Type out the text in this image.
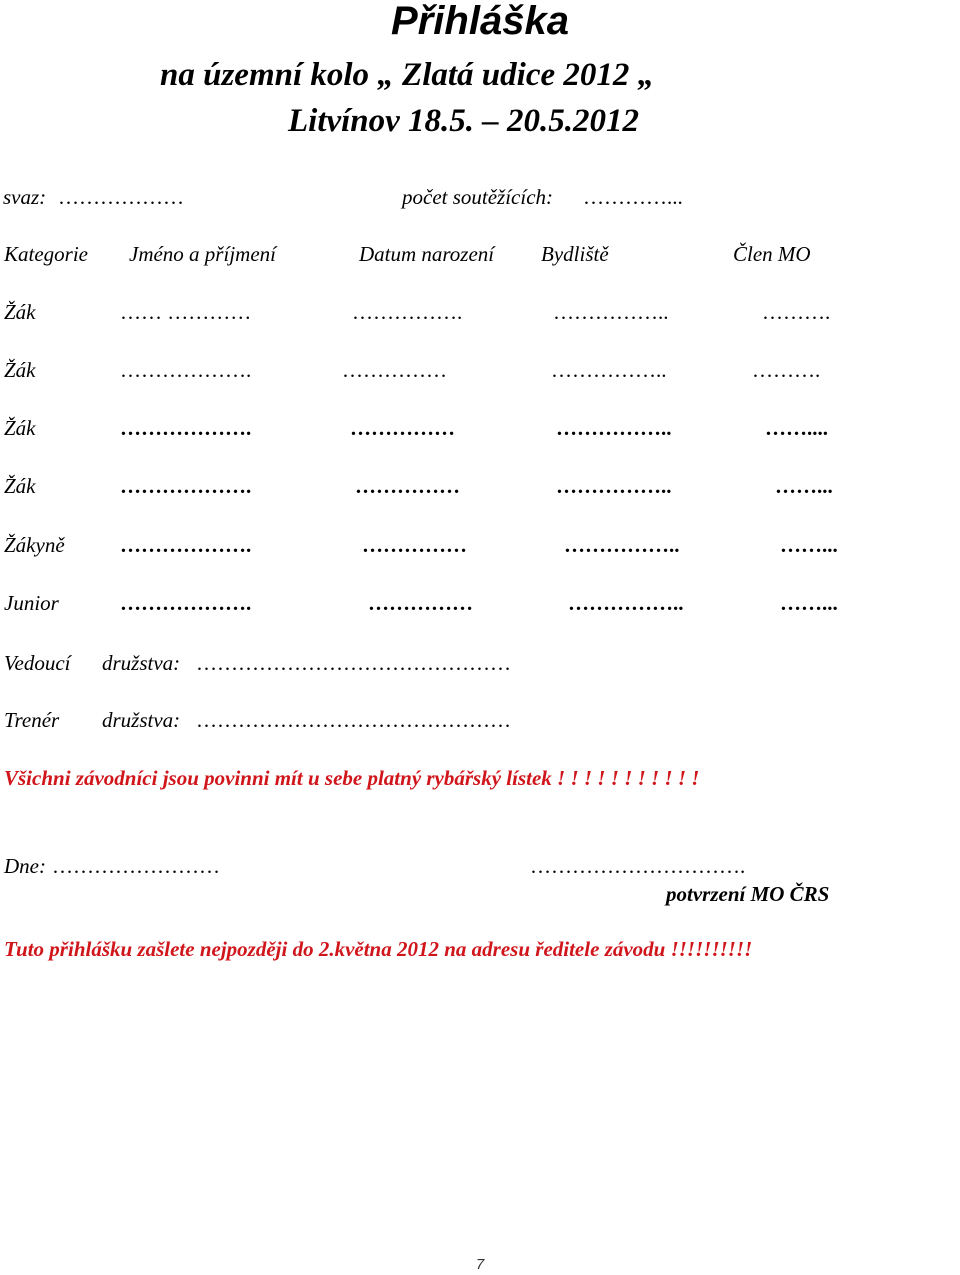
Přihláška
na územní kolo „ Zlatá udice 2012 „
Litvínov 18.5. – 20.5.2012
svaz: ………………	počet soutěžících: …………...
Kategorie Jméno a příjmení	Datum narození Bydliště	Člen MO
Žák	…… …………	…………….	……………..	……….
Žák	……………….	……………	……………..	……….
Žák	……………….	……………	……………..	……....
Žák	……………….	……………	……………..	……...
Žákyně	……………….	……………	……………..	……...
Junior	……………….	……………	……………..	……...
Vedoucí družstva: ………………………………………
Trenér družstva: ………………………………………
Všichni závodníci jsou povinni mít u sebe platný rybářský lístek ! ! ! ! ! ! ! ! ! ! !
Dne: ……………………	………………………….
potvrzení MO ČRS
Tuto přihlášku zašlete nejpozději do 2.května 2012 na adresu ředitele závodu !!!!!!!!!!
7
